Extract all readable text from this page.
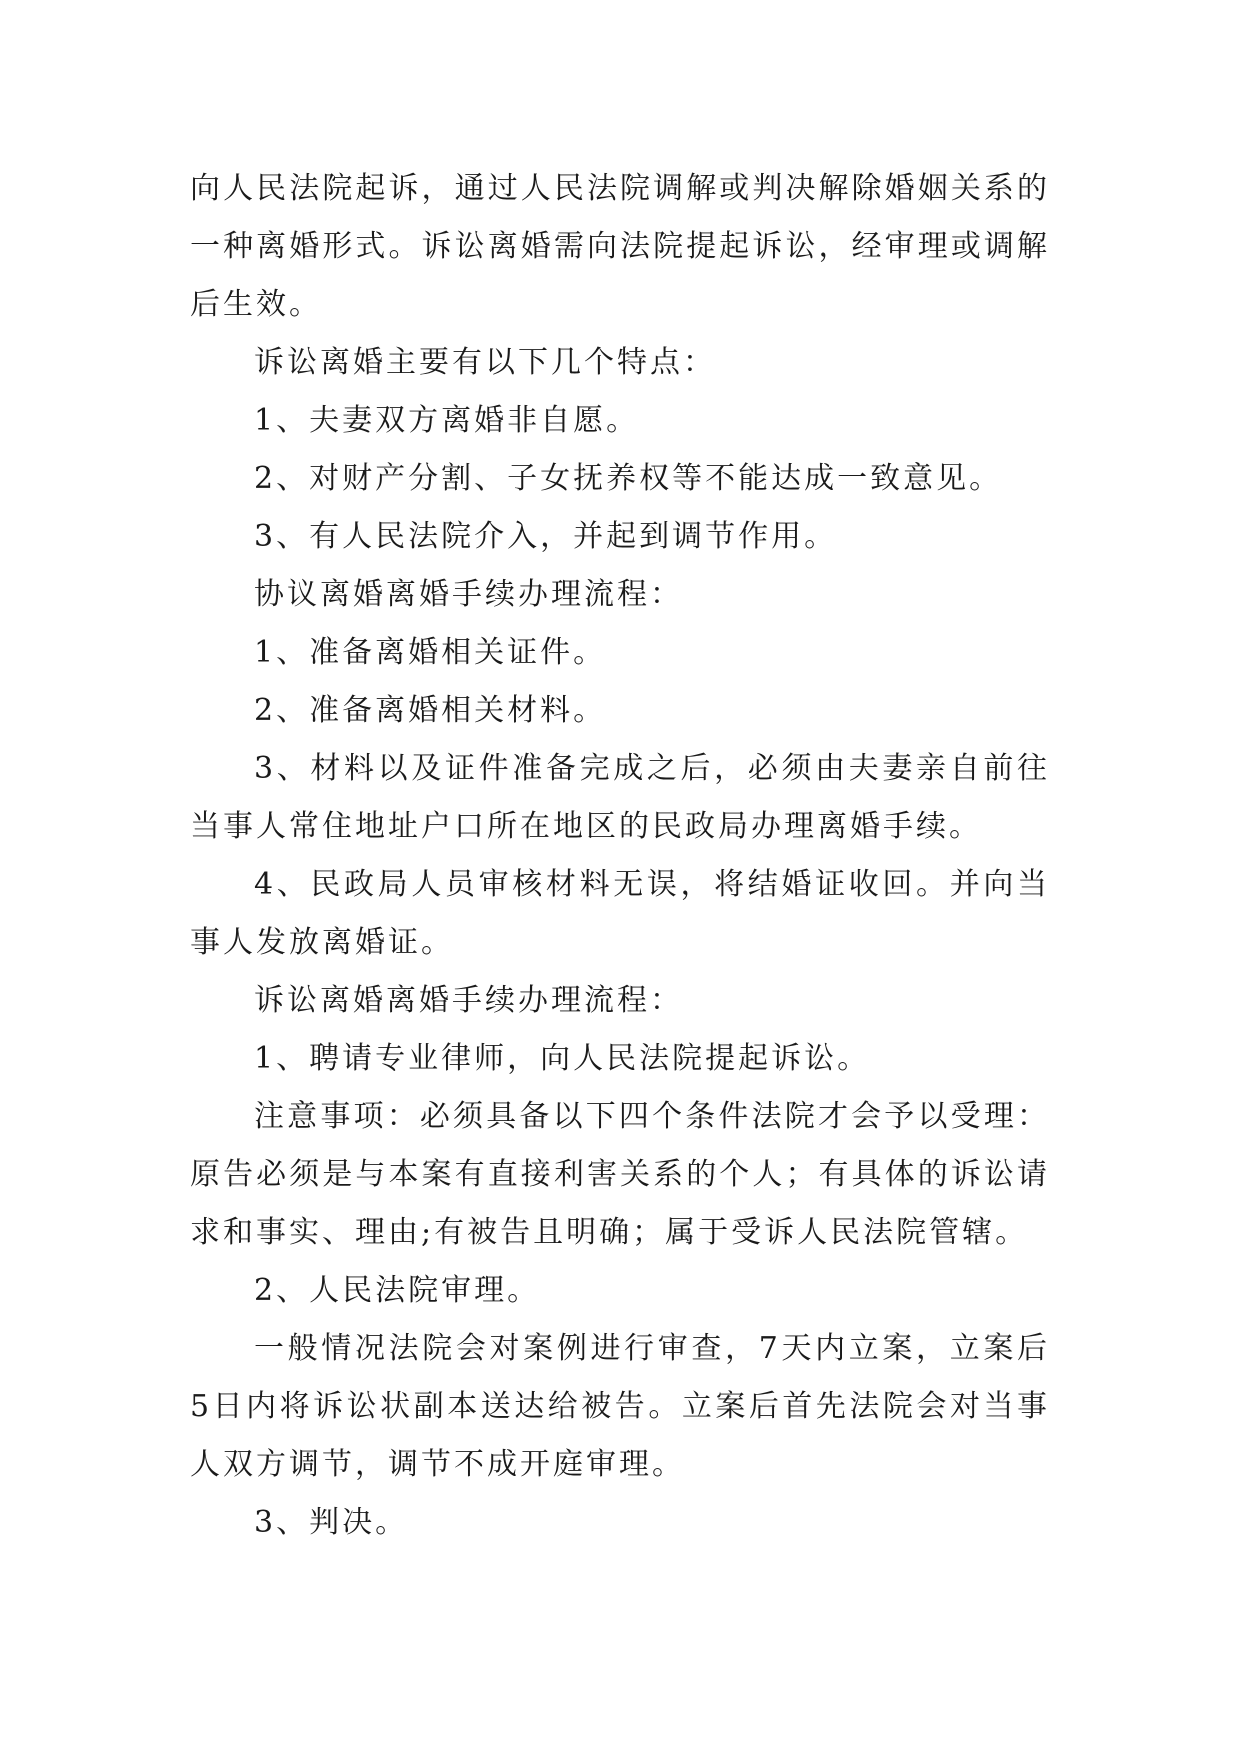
向人民法院起诉，通过人民法院调解或判决解除婚姻关系的一种离婚形式。诉讼离婚需向法院提起诉讼，经审理或调解后生效。

诉讼离婚主要有以下几个特点：

1、夫妻双方离婚非自愿。

2、对财产分割、子女抚养权等不能达成一致意见。

3、有人民法院介入，并起到调节作用。

协议离婚离婚手续办理流程：

1、准备离婚相关证件。

2、准备离婚相关材料。

3、材料以及证件准备完成之后，必须由夫妻亲自前往当事人常住地址户口所在地区的民政局办理离婚手续。

4、民政局人员审核材料无误，将结婚证收回。并向当事人发放离婚证。

诉讼离婚离婚手续办理流程：

1、聘请专业律师，向人民法院提起诉讼。

注意事项：必须具备以下四个条件法院才会予以受理：原告必须是与本案有直接利害关系的个人；有具体的诉讼请求和事实、理由;有被告且明确；属于受诉人民法院管辖。

2、人民法院审理。

一般情况法院会对案例进行审查，7天内立案，立案后5日内将诉讼状副本送达给被告。立案后首先法院会对当事人双方调节，调节不成开庭审理。

3、判决。
